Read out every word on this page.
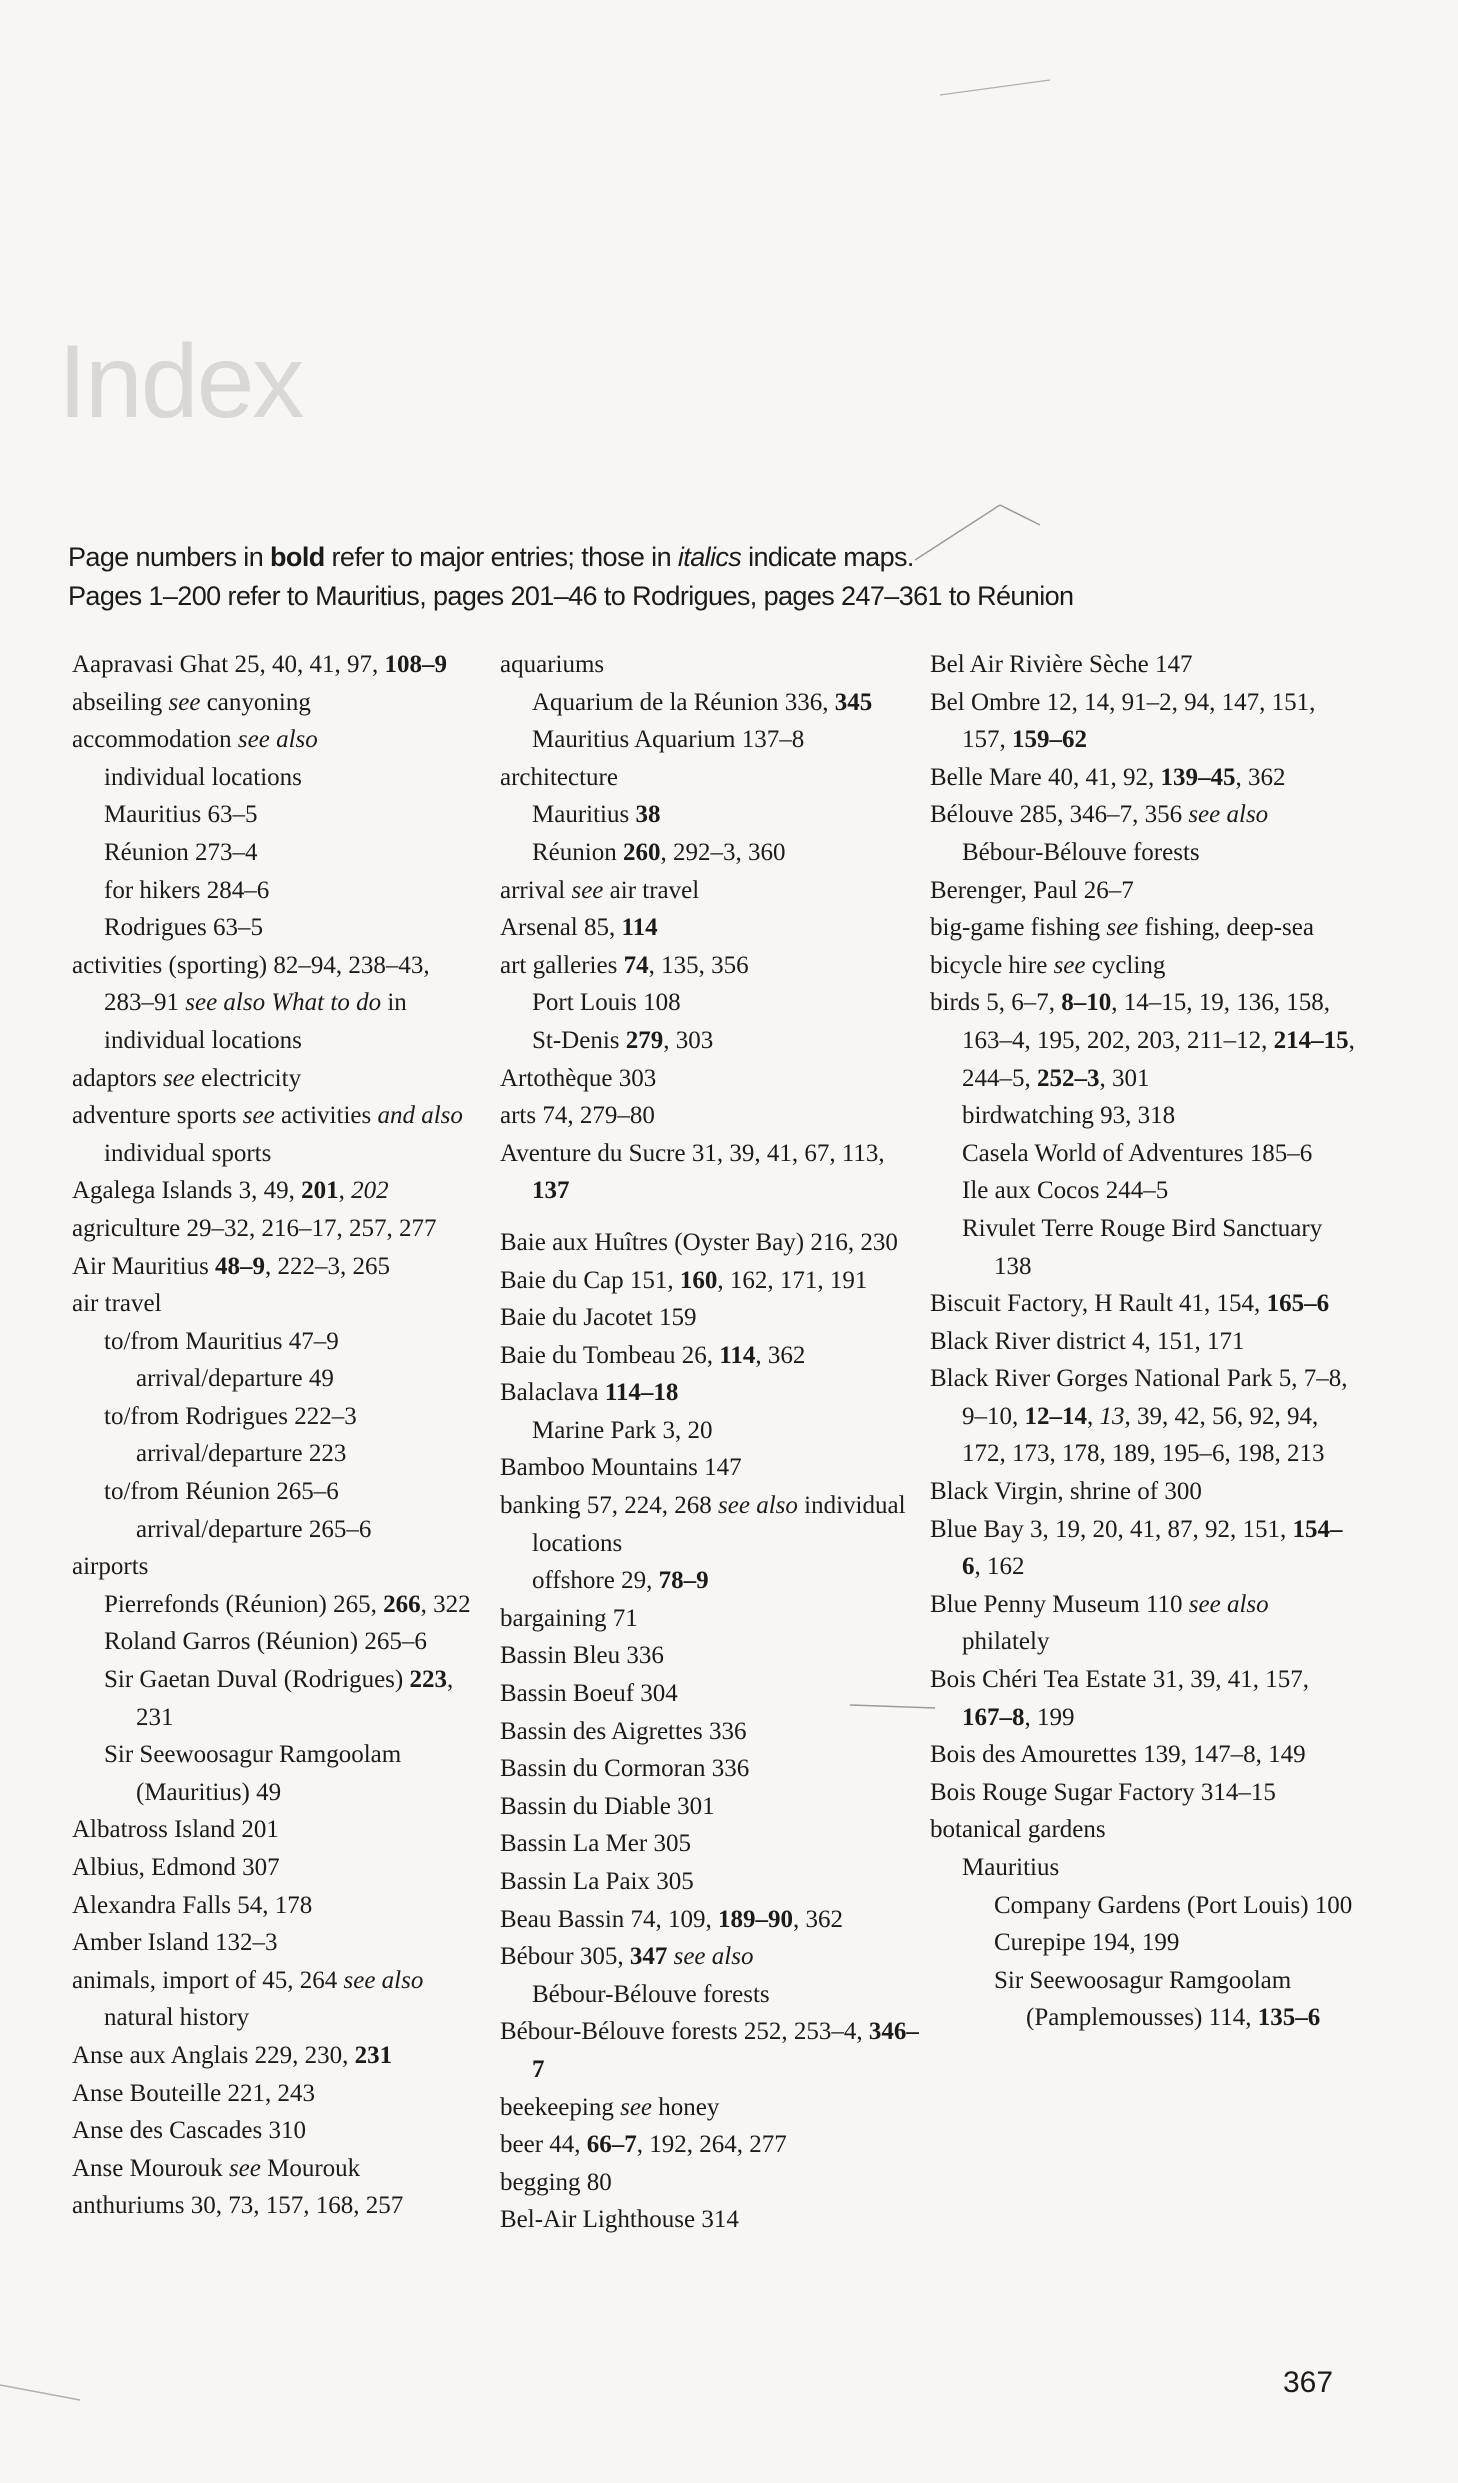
Index
Page numbers in bold refer to major entries; those in italics indicate maps.
Pages 1–200 refer to Mauritius, pages 201–46 to Rodrigues, pages 247–361 to Réunion
Aapravasi Ghat 25, 40, 41, 97, 108–9
abseiling see canyoning
accommodation see also
individual locations
Mauritius 63–5
Réunion 273–4
for hikers 284–6
Rodrigues 63–5
activities (sporting) 82–94, 238–43, 283–91 see also What to do in individual locations
adaptors see electricity
adventure sports see activities and also individual sports
Agalega Islands 3, 49, 201, 202
agriculture 29–32, 216–17, 257, 277
Air Mauritius 48–9, 222–3, 265
air travel
to/from Mauritius 47–9
arrival/departure 49
to/from Rodrigues 222–3
arrival/departure 223
to/from Réunion 265–6
arrival/departure 265–6
airports
Pierrefonds (Réunion) 265, 266, 322
Roland Garros (Réunion) 265–6
Sir Gaetan Duval (Rodrigues) 223, 231
Sir Seewoosagur Ramgoolam (Mauritius) 49
Albatross Island 201
Albius, Edmond 307
Alexandra Falls 54, 178
Amber Island 132–3
animals, import of 45, 264 see also natural history
Anse aux Anglais 229, 230, 231
Anse Bouteille 221, 243
Anse des Cascades 310
Anse Mourouk see Mourouk
anthuriums 30, 73, 157, 168, 257
aquariums
Aquarium de la Réunion 336, 345
Mauritius Aquarium 137–8
architecture
Mauritius 38
Réunion 260, 292–3, 360
arrival see air travel
Arsenal 85, 114
art galleries 74, 135, 356
Port Louis 108
St-Denis 279, 303
Artothèque 303
arts 74, 279–80
Aventure du Sucre 31, 39, 41, 67, 113, 137
Baie aux Huîtres (Oyster Bay) 216, 230
Baie du Cap 151, 160, 162, 171, 191
Baie du Jacotet 159
Baie du Tombeau 26, 114, 362
Balaclava 114–18
Marine Park 3, 20
Bamboo Mountains 147
banking 57, 224, 268 see also individual locations
offshore 29, 78–9
bargaining 71
Bassin Bleu 336
Bassin Boeuf 304
Bassin des Aigrettes 336
Bassin du Cormoran 336
Bassin du Diable 301
Bassin La Mer 305
Bassin La Paix 305
Beau Bassin 74, 109, 189–90, 362
Bébour 305, 347 see also
Bébour-Bélouve forests
Bébour-Bélouve forests 252, 253–4, 346–7
beekeeping see honey
beer 44, 66–7, 192, 264, 277
begging 80
Bel-Air Lighthouse 314
Bel Air Rivière Sèche 147
Bel Ombre 12, 14, 91–2, 94, 147, 151, 157, 159–62
Belle Mare 40, 41, 92, 139–45, 362
Bélouve 285, 346–7, 356 see also
Bébour-Bélouve forests
Berenger, Paul 26–7
big-game fishing see fishing, deep-sea
bicycle hire see cycling
birds 5, 6–7, 8–10, 14–15, 19, 136, 158, 163–4, 195, 202, 203, 211–12, 214–15, 244–5, 252–3, 301
birdwatching 93, 318
Casela World of Adventures 185–6
Ile aux Cocos 244–5
Rivulet Terre Rouge Bird Sanctuary 138
Biscuit Factory, H Rault 41, 154, 165–6
Black River district 4, 151, 171
Black River Gorges National Park 5, 7–8, 9–10, 12–14, 13, 39, 42, 56, 92, 94, 172, 173, 178, 189, 195–6, 198, 213
Black Virgin, shrine of 300
Blue Bay 3, 19, 20, 41, 87, 92, 151, 154–6, 162
Blue Penny Museum 110 see also
philately
Bois Chéri Tea Estate 31, 39, 41, 157, 167–8, 199
Bois des Amourettes 139, 147–8, 149
Bois Rouge Sugar Factory 314–15
botanical gardens
Mauritius
Company Gardens (Port Louis) 100
Curepipe 194, 199
Sir Seewoosagur Ramgoolam (Pamplemousses) 114, 135–6
367
